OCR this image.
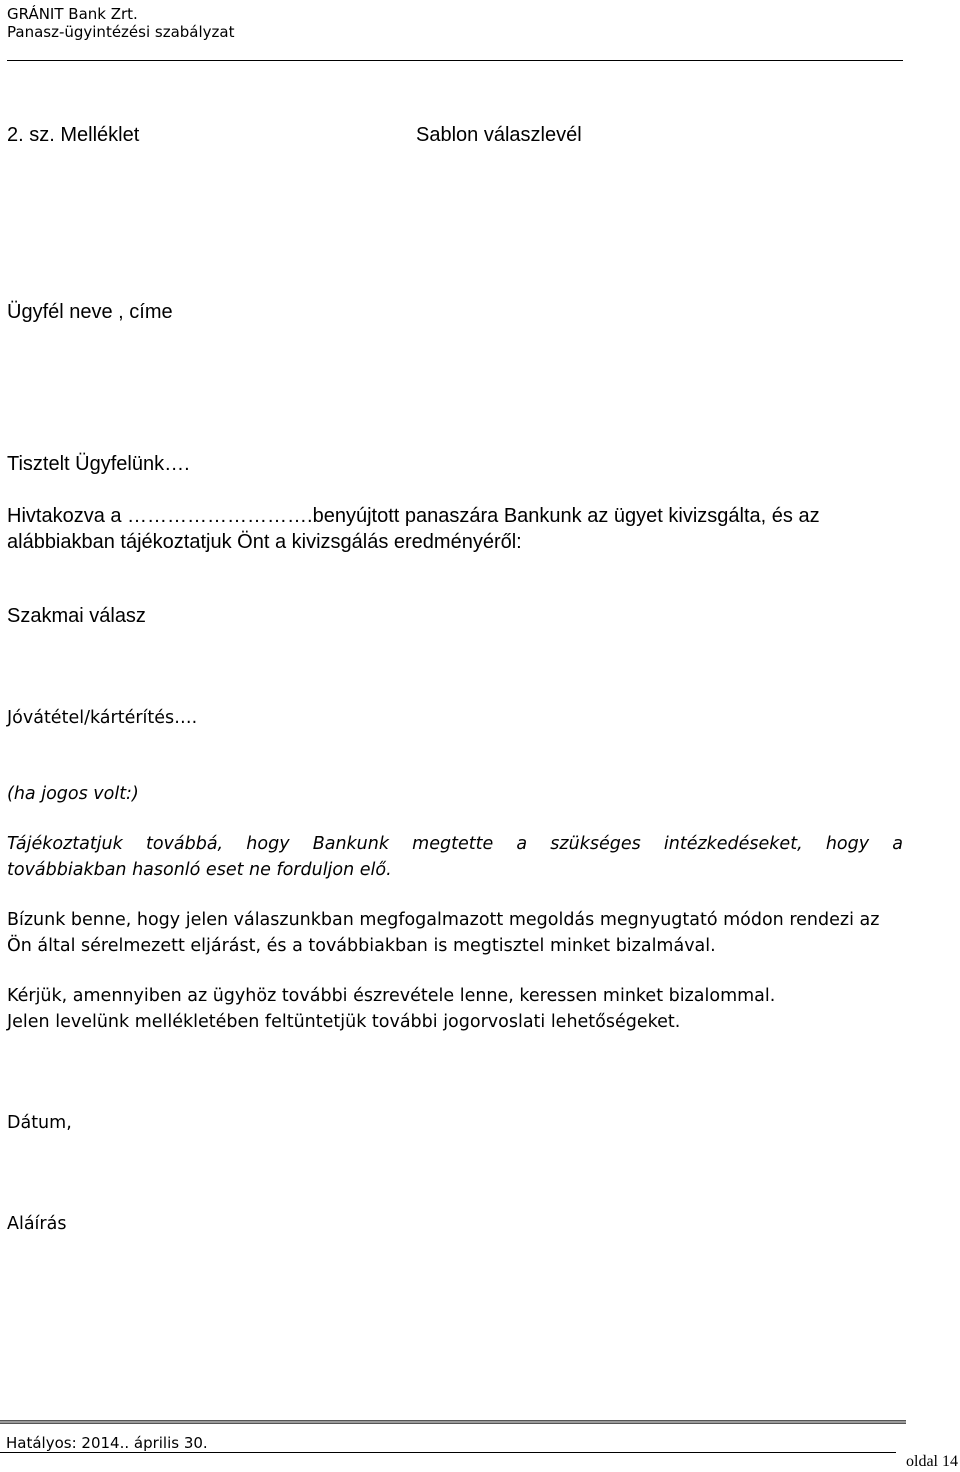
GRÁNIT Bank Zrt.
Panasz-ügyintézési szabályzat
2. sz. Melléklet	Sablon válaszlevél
Ügyfél neve , címe
Tisztelt Ügyfelünk….
Hivtakozva a ……………………….benyújtott panaszára Bankunk az ügyet kivizsgálta, és az
alábbiakban tájékoztatjuk Önt a kivizsgálás eredményéről:
Szakmai válasz
Jóvátétel/kártérítés….
(ha jogos volt:)
Tájékoztatjuk továbbá, hogy Bankunk megtette a szükséges intézkedéseket, hogy a
továbbiakban hasonló eset ne forduljon elő.
Bízunk benne, hogy jelen válaszunkban megfogalmazott megoldás megnyugtató módon rendezi az Ön által sérelmezett eljárást, és a továbbiakban is megtisztel minket bizalmával.
Kérjük, amennyiben az ügyhöz további észrevétele lenne, keressen minket bizalommal.
Jelen levelünk mellékletében feltüntetjük további jogorvoslati lehetőségeket.
Dátum,
Aláírás
Hatályos: 2014.. április 30.
oldal 14
